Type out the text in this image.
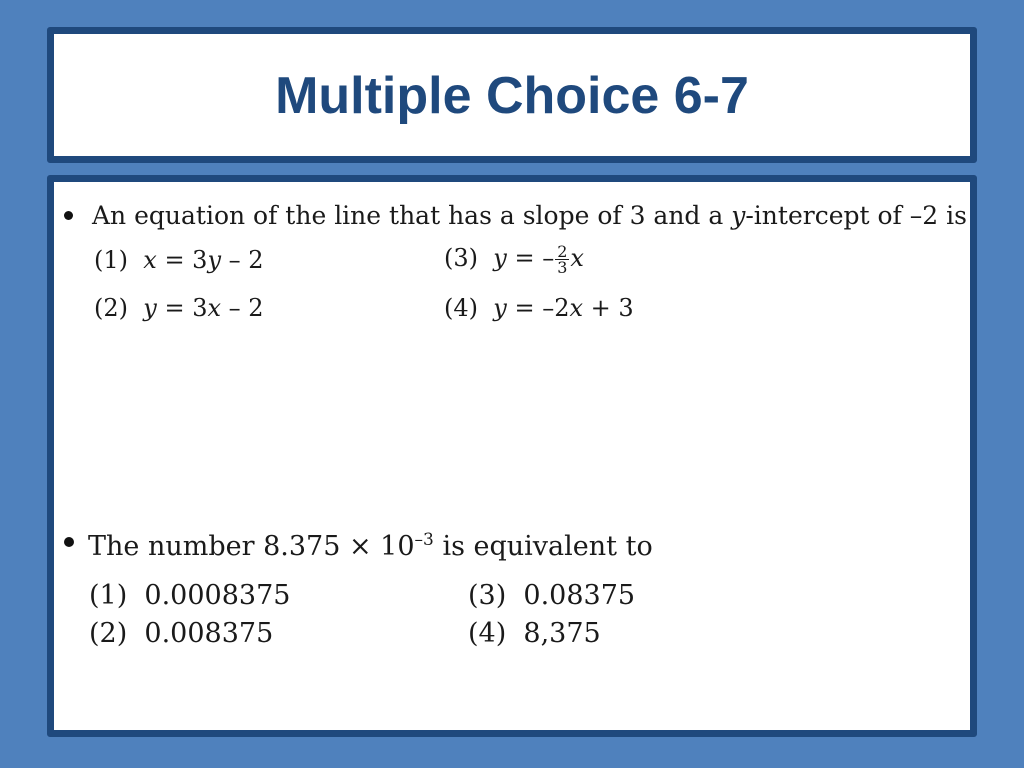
Multiple Choice 6-7
An equation of the line that has a slope of 3 and a y-intercept of –2 is
(1) x = 3y – 2
(2) y = 3x – 2
(3) y = – $\frac{2}{3}$ x
(4) y = –2x + 3
The number $8.375 \times 10^{-3}$ is equivalent to
(1) 0.0008375
(2) 0.008375
(3) 0.08375
(4) 8,375
